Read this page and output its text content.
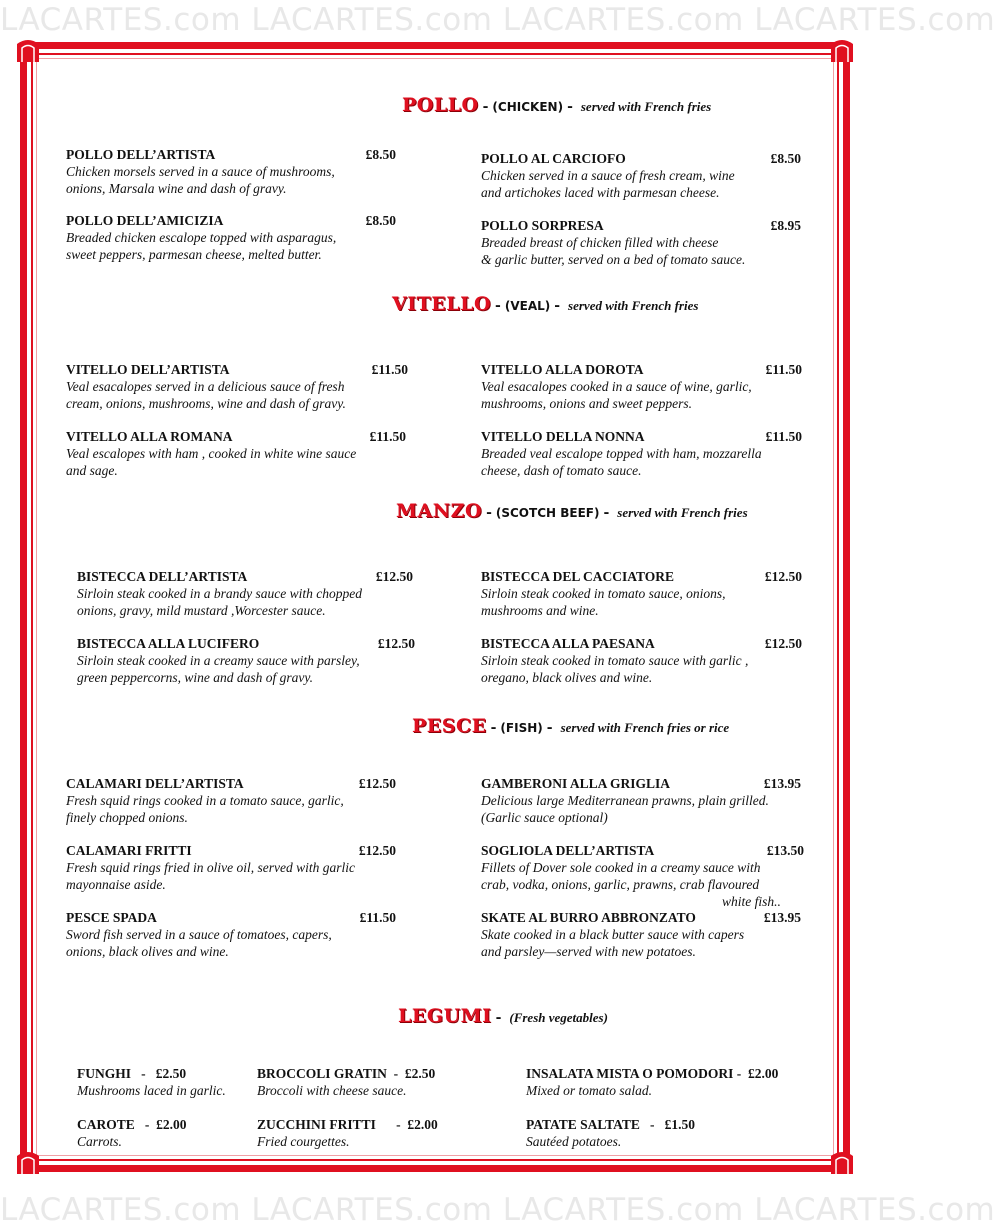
LACARTES.com LACARTES.com LACARTES.com LACARTES.com
LACARTES.com LACARTES.com LACARTES.com LACARTES.com
POLLO - (CHICKEN) - served with French fries
VITELLO - (VEAL) - served with French fries
MANZO - (SCOTCH BEEF) - served with French fries
PESCE - (FISH) - served with French fries or rice
LEGUMI - (Fresh vegetables)
POLLO DELL’ARTISTA	£8.50
Chicken morsels served in a sauce of mushrooms,
onions, Marsala wine and dash of gravy.
POLLO DELL’AMICIZIA	£8.50
Breaded chicken escalope topped with asparagus,
sweet peppers, parmesan cheese, melted butter.
POLLO AL CARCIOFO	£8.50
Chicken served in a sauce of fresh cream, wine
and artichokes laced with parmesan cheese.
POLLO SORPRESA	£8.95
Breaded breast of chicken filled with cheese
& garlic butter, served on a bed of tomato sauce.
VITELLO DELL’ARTISTA	£11.50
Veal esacalopes served in a delicious sauce of fresh
cream, onions, mushrooms, wine and dash of gravy.
VITELLO ALLA ROMANA	£11.50
Veal escalopes with ham , cooked in white wine sauce
and sage.
VITELLO ALLA DOROTA	£11.50
Veal esacalopes cooked in a sauce of wine, garlic,
mushrooms, onions and sweet peppers.
VITELLO DELLA NONNA	£11.50
Breaded veal escalope topped with ham, mozzarella
cheese, dash of tomato sauce.
BISTECCA DELL’ARTISTA	£12.50
Sirloin steak cooked in a brandy sauce with chopped
onions, gravy, mild mustard ,Worcester sauce.
BISTECCA ALLA LUCIFERO	£12.50
Sirloin steak cooked in a creamy sauce with parsley,
green peppercorns, wine and dash of gravy.
BISTECCA DEL CACCIATORE	£12.50
Sirloin steak cooked in tomato sauce, onions,
mushrooms and wine.
BISTECCA ALLA PAESANA	£12.50
Sirloin steak cooked in tomato sauce with garlic ,
oregano, black olives and wine.
CALAMARI DELL’ARTISTA	£12.50
Fresh squid rings cooked in a tomato sauce, garlic,
finely chopped onions.
CALAMARI FRITTI	£12.50
Fresh squid rings fried in olive oil, served with garlic
mayonnaise aside.
PESCE SPADA	£11.50
Sword fish served in a sauce of tomatoes, capers,
onions, black olives and wine.
GAMBERONI ALLA GRIGLIA	£13.95
Delicious large Mediterranean prawns, plain grilled.
(Garlic sauce optional)
SOGLIOLA DELL’ARTISTA	£13.50
Fillets of Dover sole cooked in a creamy sauce with
crab, vodka, onions, garlic, prawns, crab flavoured
white fish..
SKATE AL BURRO ABBRONZATO	£13.95
Skate cooked in a black butter sauce with capers
and parsley—served with new potatoes.
FUNGHI   -   £2.50
Mushrooms laced in garlic.
BROCCOLI GRATIN  -  £2.50
Broccoli with cheese sauce.
INSALATA MISTA O POMODORI -  £2.00
Mixed or tomato salad.
CAROTE   -  £2.00
Carrots.
ZUCCHINI FRITTI      -  £2.00
Fried courgettes.
PATATE SALTATE   -   £1.50
Sautéed potatoes.
